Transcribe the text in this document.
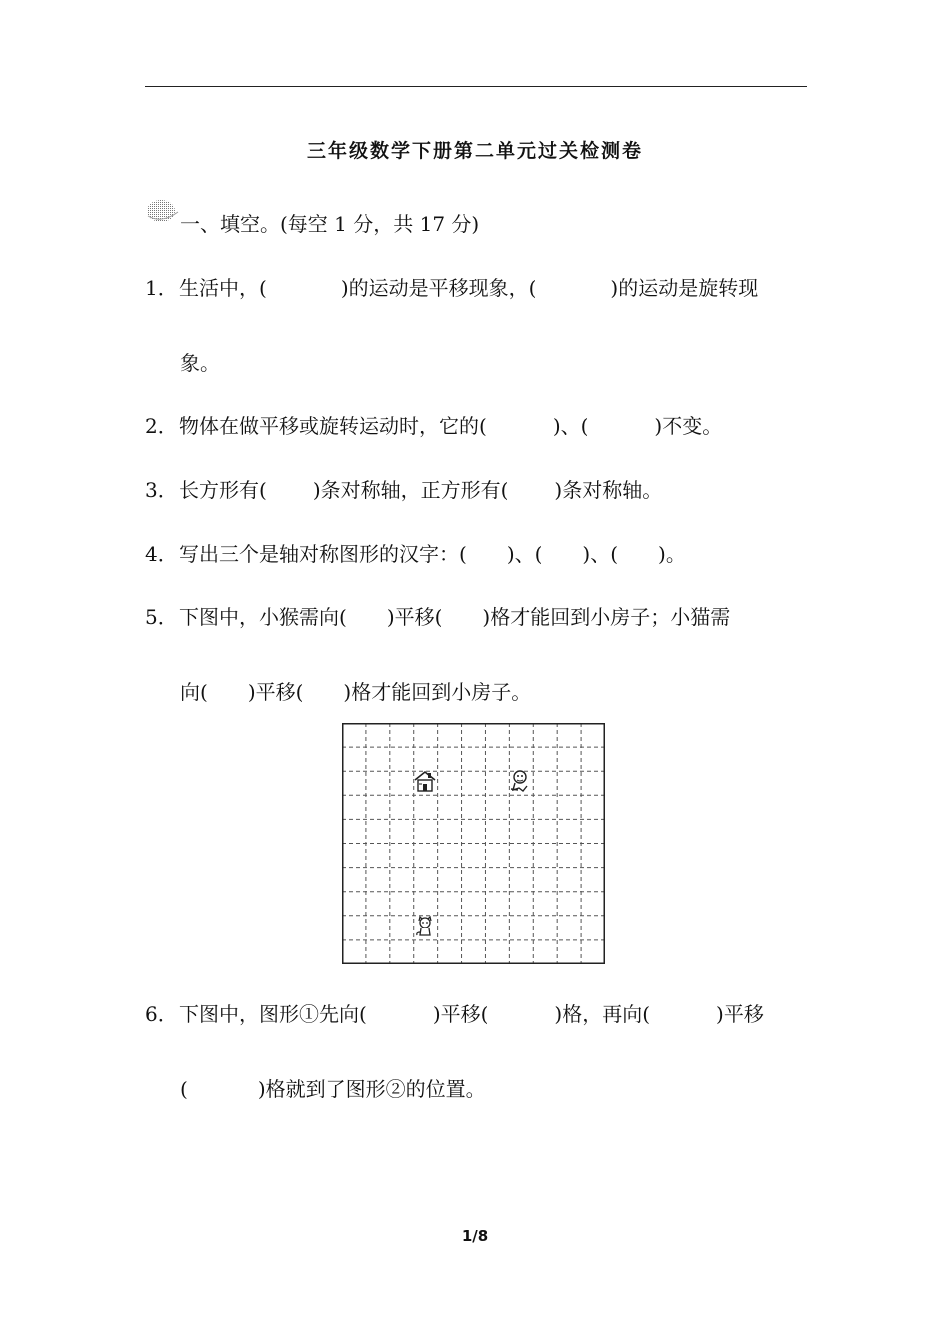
三年级数学下册第二单元过关检测卷
一、填空。(每空 1 分，共 17 分)
1．生活中，(	)的运动是平移现象，(	)的运动是旋转现
象。
2．物体在做平移或旋转运动时，它的(	)、(	)不变。
3．长方形有( )条对称轴，正方形有( )条对称轴。
4．写出三个是轴对称图形的汉字：( )、( )、( )。
5．下图中，小猴需向( )平移( )格才能回到小房子；小猫需
向( )平移( )格才能回到小房子。
6．下图中，图形①先向(	)平移(	)格，再向(	)平移
(	)格就到了图形②的位置。
1/8
